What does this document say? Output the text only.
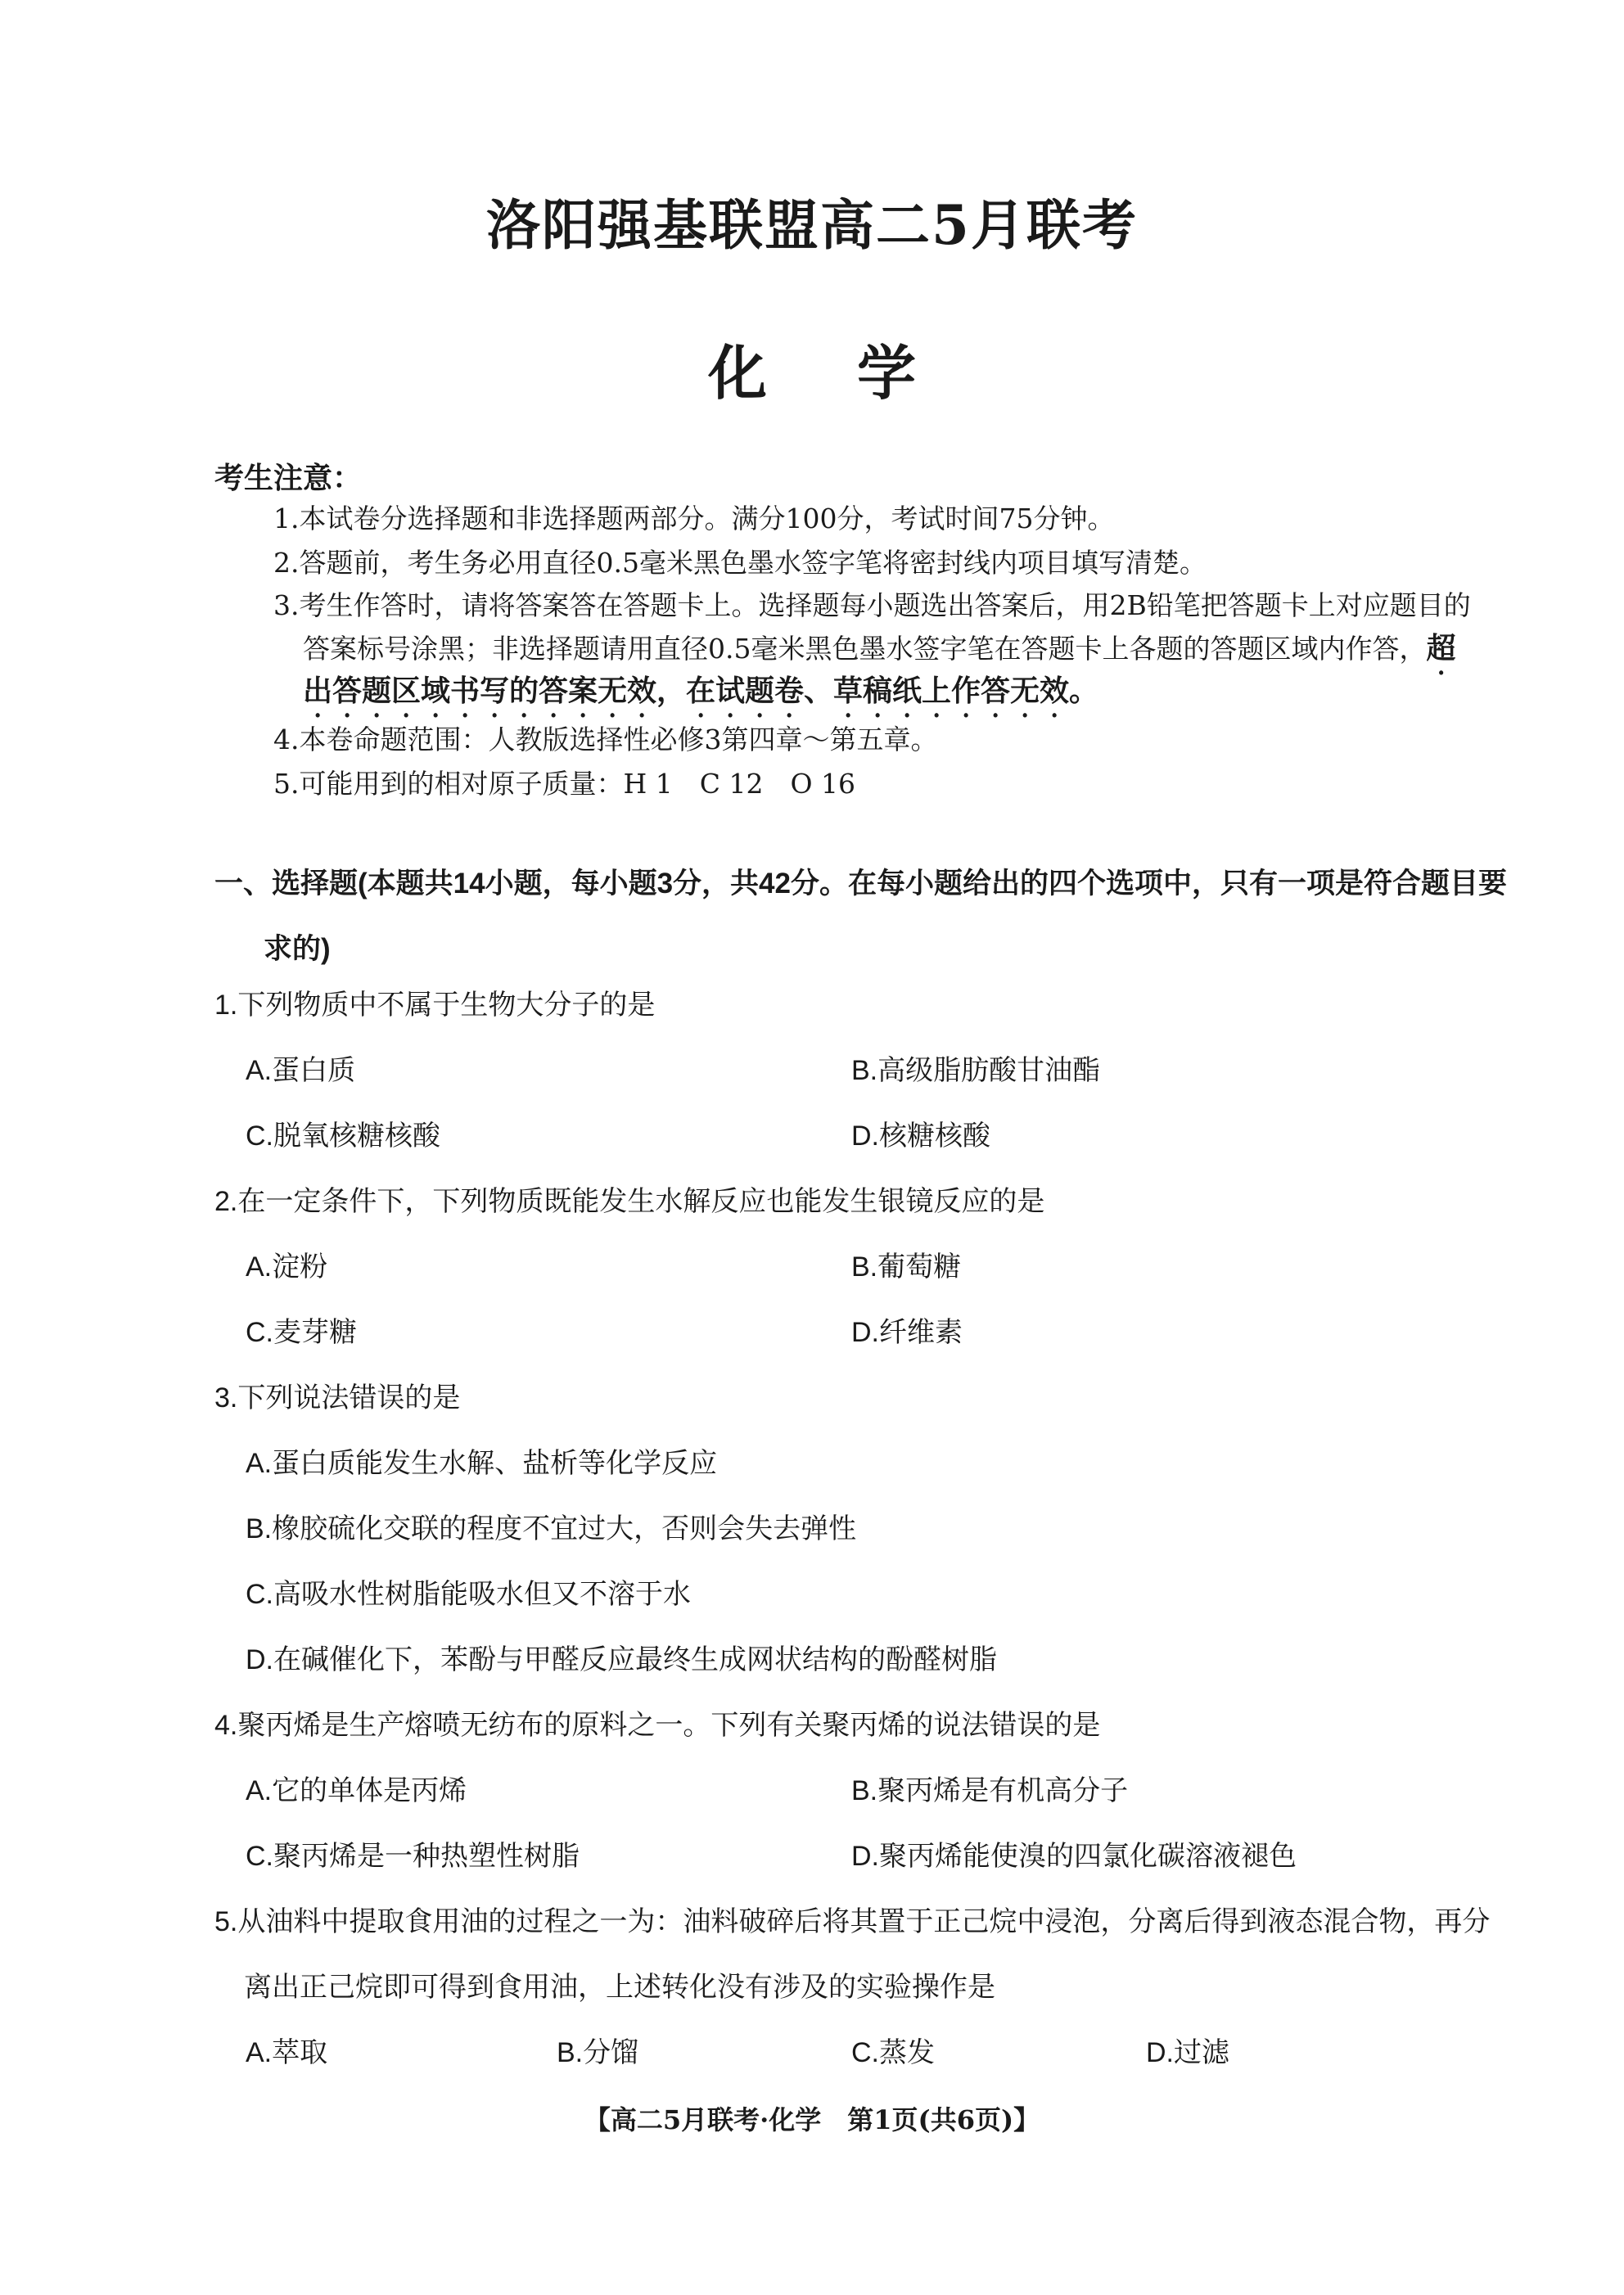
洛阳强基联盟高二5月联考
化学
考生注意：
1.本试卷分选择题和非选择题两部分。满分100分，考试时间75分钟。
2.答题前，考生务必用直径0.5毫米黑色墨水签字笔将密封线内项目填写清楚。
3.考生作答时，请将答案答在答题卡上。选择题每小题选出答案后，用2B铅笔把答题卡上对应题目的
答案标号涂黑；非选择题请用直径0.5毫米黑色墨水签字笔在答题卡上各题的答题区域内作答，超
出答题区域书写的答案无效，在试题卷、草稿纸上作答无效。
4.本卷命题范围：人教版选择性必修3第四章～第五章。
5.可能用到的相对原子质量：H 1　C 12　O 16
一、选择题(本题共14小题，每小题3分，共42分。在每小题给出的四个选项中，只有一项是符合题目要
求的)
1.下列物质中不属于生物大分子的是
A.蛋白质	B.高级脂肪酸甘油酯
C.脱氧核糖核酸	D.核糖核酸
2.在一定条件下，下列物质既能发生水解反应也能发生银镜反应的是
A.淀粉	B.葡萄糖
C.麦芽糖	D.纤维素
3.下列说法错误的是
A.蛋白质能发生水解、盐析等化学反应
B.橡胶硫化交联的程度不宜过大，否则会失去弹性
C.高吸水性树脂能吸水但又不溶于水
D.在碱催化下，苯酚与甲醛反应最终生成网状结构的酚醛树脂
4.聚丙烯是生产熔喷无纺布的原料之一。下列有关聚丙烯的说法错误的是
A.它的单体是丙烯	B.聚丙烯是有机高分子
C.聚丙烯是一种热塑性树脂	D.聚丙烯能使溴的四氯化碳溶液褪色
5.从油料中提取食用油的过程之一为：油料破碎后将其置于正己烷中浸泡，分离后得到液态混合物，再分
离出正己烷即可得到食用油，上述转化没有涉及的实验操作是
A.萃取	B.分馏	C.蒸发	D.过滤
【高二5月联考·化学　第1页(共6页)】
